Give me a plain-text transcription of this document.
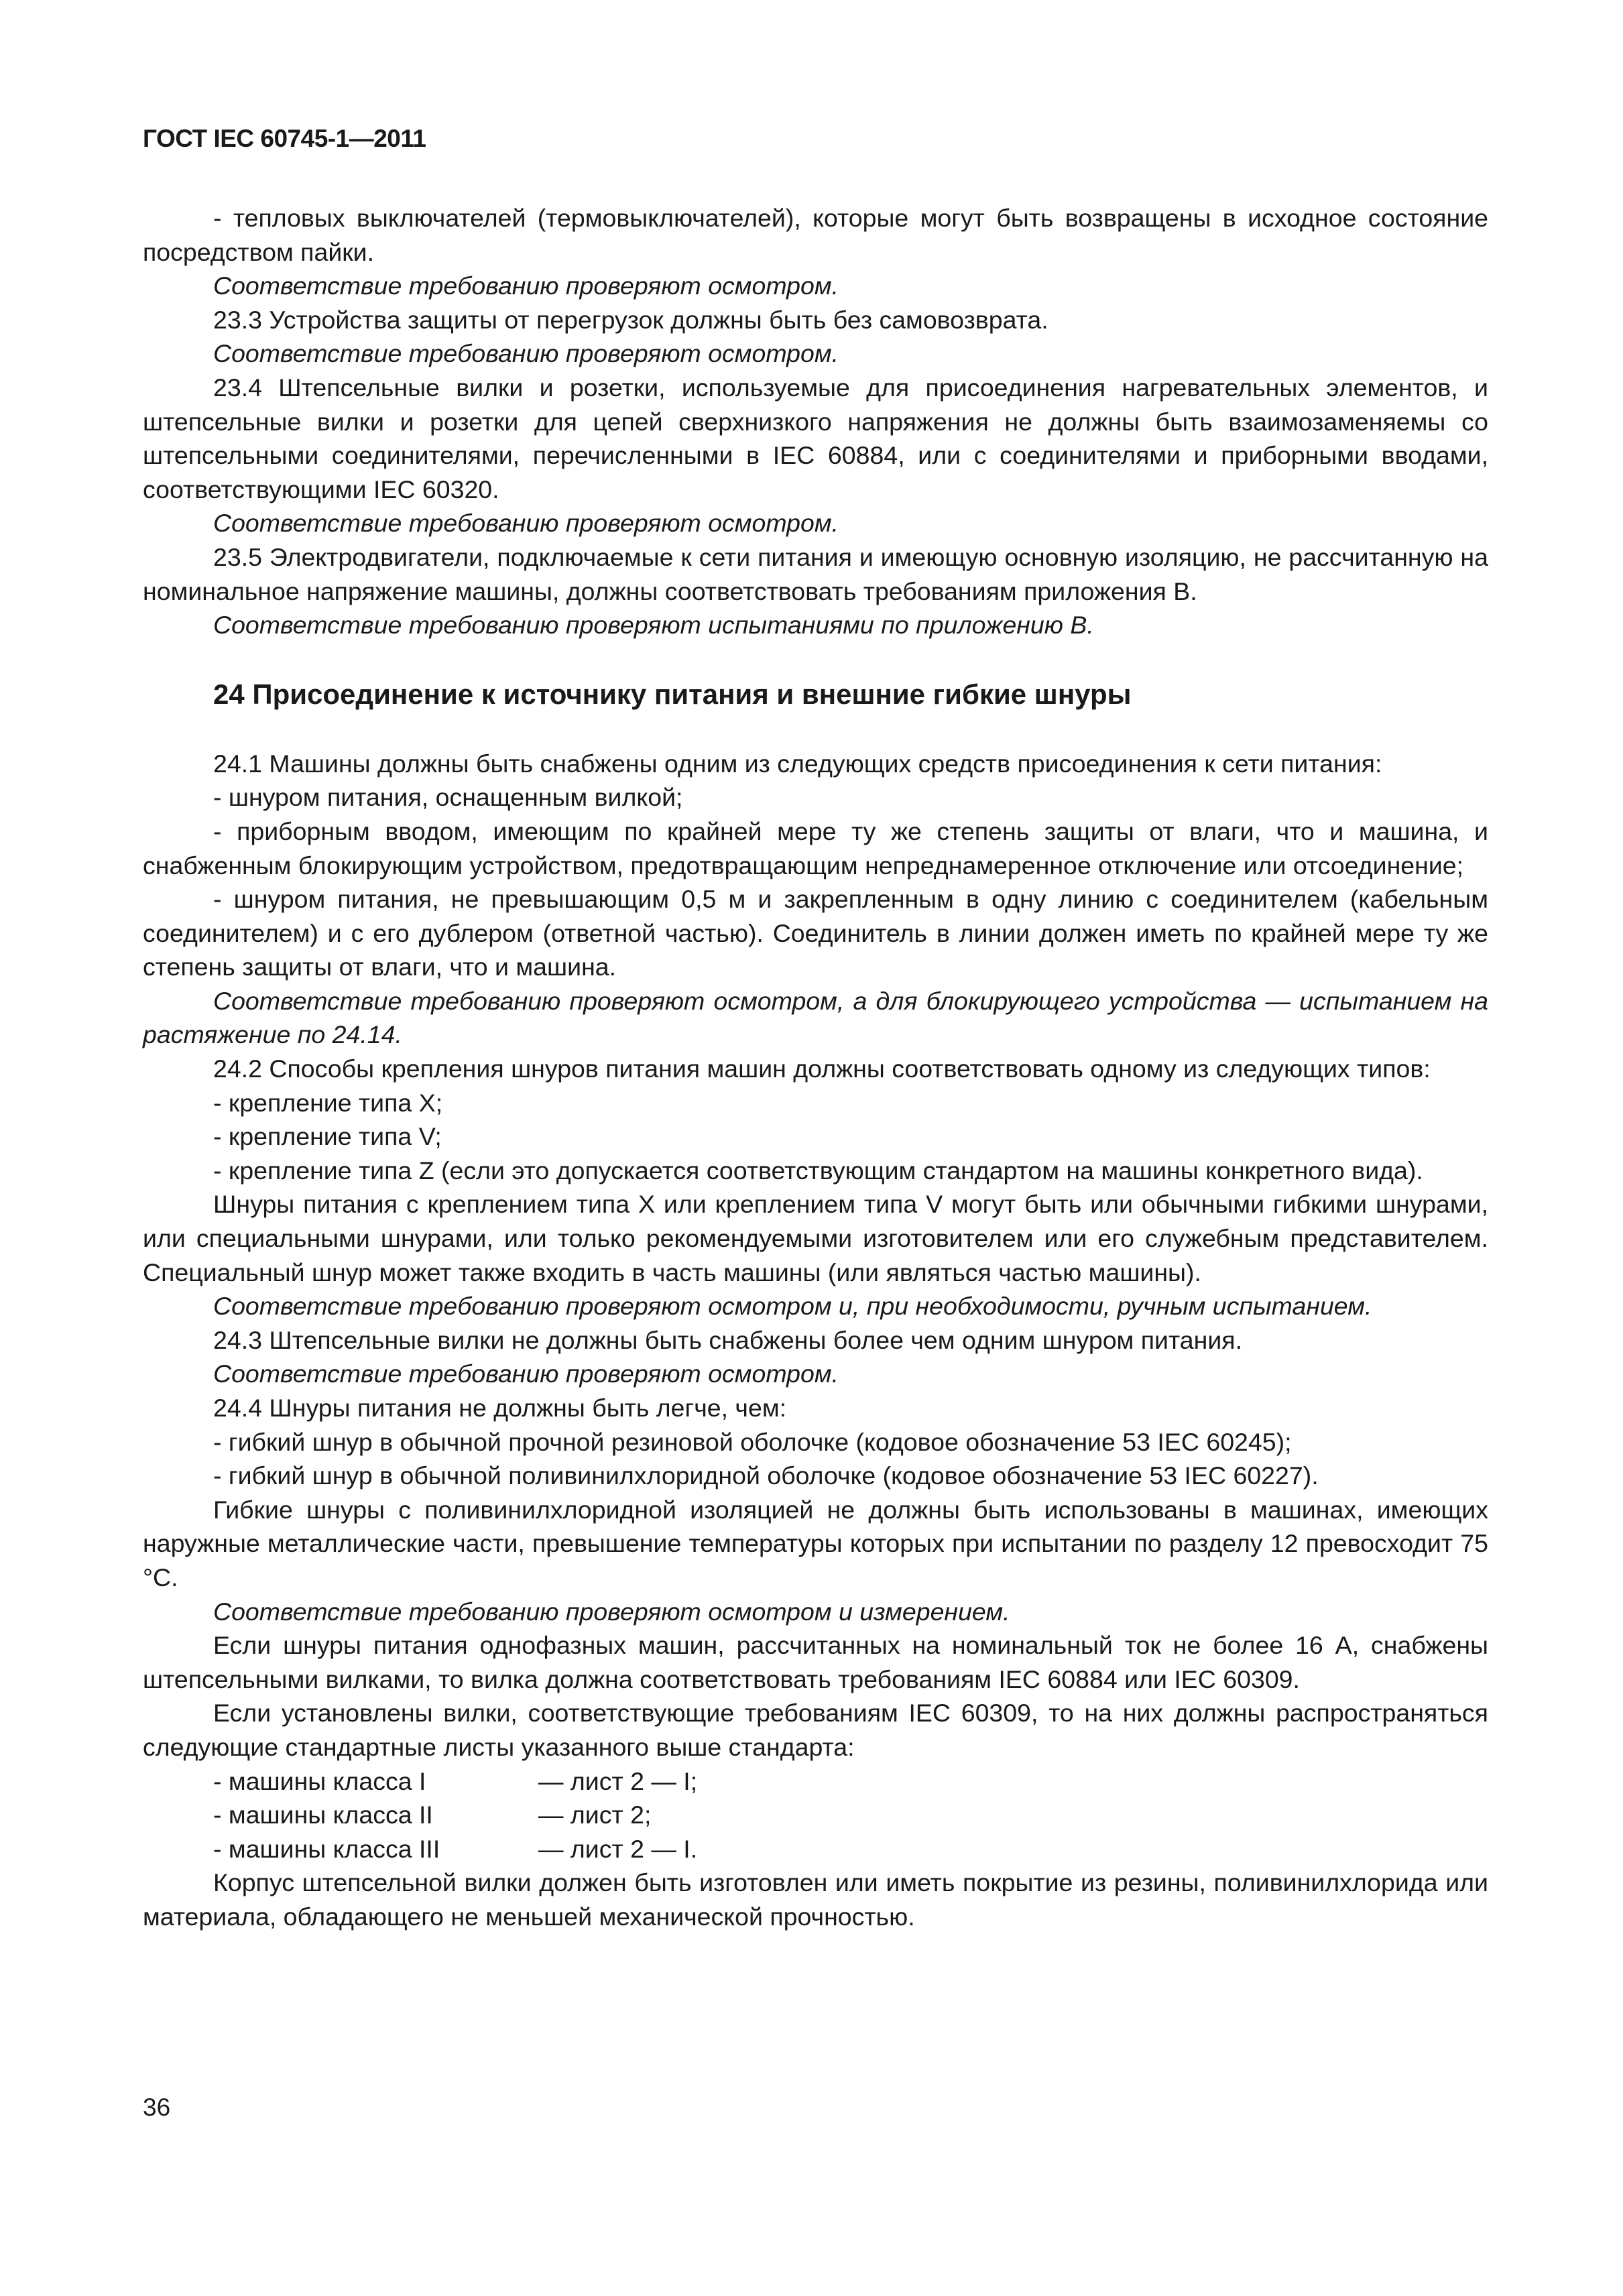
ГОСТ IEC 60745-1—2011

- тепловых выключателей (термовыключателей), которые могут быть возвращены в исходное состояние посредством пайки.

Соответствие требованию проверяют осмотром.

23.3 Устройства защиты от перегрузок должны быть без самовозврата.

Соответствие требованию проверяют осмотром.

23.4 Штепсельные вилки и розетки, используемые для присоединения нагревательных элементов, и штепсельные вилки и розетки для цепей сверхнизкого напряжения не должны быть взаимозаменяемы со штепсельными соединителями, перечисленными в IEC 60884, или с соединителями и приборными вводами, соответствующими IEC 60320.

Соответствие требованию проверяют осмотром.

23.5 Электродвигатели, подключаемые к сети питания и имеющую основную изоляцию, не рассчитанную на номинальное напряжение машины, должны соответствовать требованиям приложения В.

Соответствие требованию проверяют испытаниями по приложению В.

24 Присоединение к источнику питания и внешние гибкие шнуры

24.1 Машины должны быть снабжены одним из следующих средств присоединения к сети питания:

- шнуром питания, оснащенным вилкой;

- приборным вводом, имеющим по крайней мере ту же степень защиты от влаги, что и машина, и снабженным блокирующим устройством, предотвращающим непреднамеренное отключение или отсоединение;

- шнуром питания, не превышающим 0,5 м и закрепленным в одну линию с соединителем (кабельным соединителем) и с его дублером (ответной частью). Соединитель в линии должен иметь по крайней мере ту же степень защиты от влаги, что и машина.

Соответствие требованию проверяют осмотром, а для блокирующего устройства — испытанием на растяжение по 24.14.

24.2 Способы крепления шнуров питания машин должны соответствовать одному из следующих типов:

- крепление типа X;

- крепление типа V;

- крепление типа Z (если это допускается соответствующим стандартом на машины конкретного вида).

Шнуры питания с креплением типа X или креплением типа V могут быть или обычными гибкими шнурами, или специальными шнурами, или только рекомендуемыми изготовителем или его служебным представителем. Специальный шнур может также входить в часть машины (или являться частью машины).

Соответствие требованию проверяют осмотром и, при необходимости, ручным испытанием.

24.3 Штепсельные вилки не должны быть снабжены более чем одним шнуром питания.

Соответствие требованию проверяют осмотром.

24.4 Шнуры питания не должны быть легче, чем:

- гибкий шнур в обычной прочной резиновой оболочке (кодовое обозначение 53 IEC 60245);

- гибкий шнур в обычной поливинилхлоридной оболочке (кодовое обозначение 53 IEC 60227).

Гибкие шнуры с поливинилхлоридной изоляцией не должны быть использованы в машинах, имеющих наружные металлические части, превышение температуры которых при испытании по разделу 12 превосходит 75 °С.

Соответствие требованию проверяют осмотром и измерением.

Если шнуры питания однофазных машин, рассчитанных на номинальный ток не более 16 А, снабжены штепсельными вилками, то вилка должна соответствовать требованиям IEC 60884 или IEC 60309.

Если установлены вилки, соответствующие требованиям IEC 60309, то на них должны распространяться следующие стандартные листы указанного выше стандарта:

- машины класса I	— лист 2 — I;
- машины класса II	— лист 2;
- машины класса III	— лист 2 — I.

Корпус штепсельной вилки должен быть изготовлен или иметь покрытие из резины, поливинилхлорида или материала, обладающего не меньшей механической прочностью.

36
